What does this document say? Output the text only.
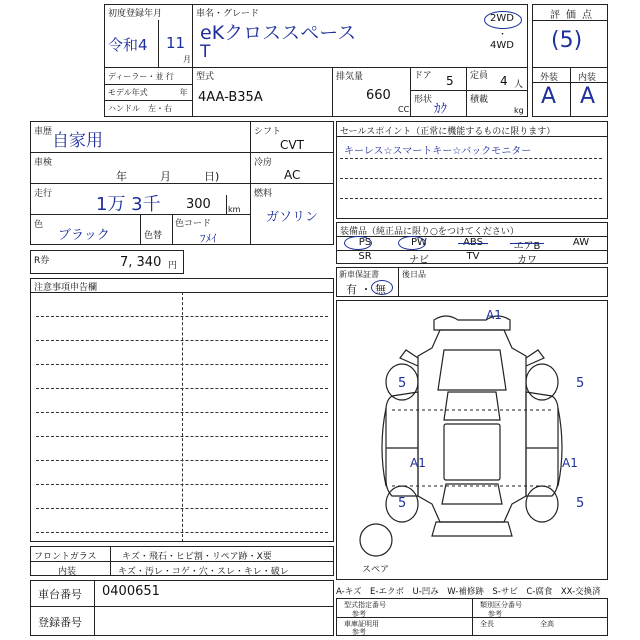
初度登録年月
令和4 11
月
車名・グレード
eKクロススペース
T
2WD
・
4WD
評価点
(5)
ディーラー・並 行
モデル年式　　　　年
ハンドル　左・右
型式
4AA-B35A
排気量
660
CC
ドア 5 定員 4 人
形状
ｶｸ
積載
kg
外装 内装
A A
車歴 自家用
車検
年　　　月　　　日)
走行 1万 3千 300 km
色
ブラック	色替
色コード
ﾌﾒｲ
シフト
CVT
冷房
AC
燃料
ガソリン
R券	7, 340 円
セールスポイント（正常に機能するものに限ります）
キーレス☆スマートキー☆バックモニター
装備品（純正品に限り○をつけてください）
PS	PW	ABS	エアB	AW
SR	ナビ	TV	カワ
新車保証書
有 ・ 無
後日品
注意事項申告欄
A1
5	5
A1	A1
5	5
スペア
フロントガラス	キズ・飛石・ヒビ割・リペア跡・X要
内装	キズ・汚レ・コゲ・穴・スレ・キレ・破レ
車台番号 0400651
登録番号
A-キズ　E-エクボ　U-凹み　W-補修跡　S-サビ　C-腐食　XX-交換済
型式指定番号
参考
類別区分番号
参考
車庫証明用
参考
全長	全高
